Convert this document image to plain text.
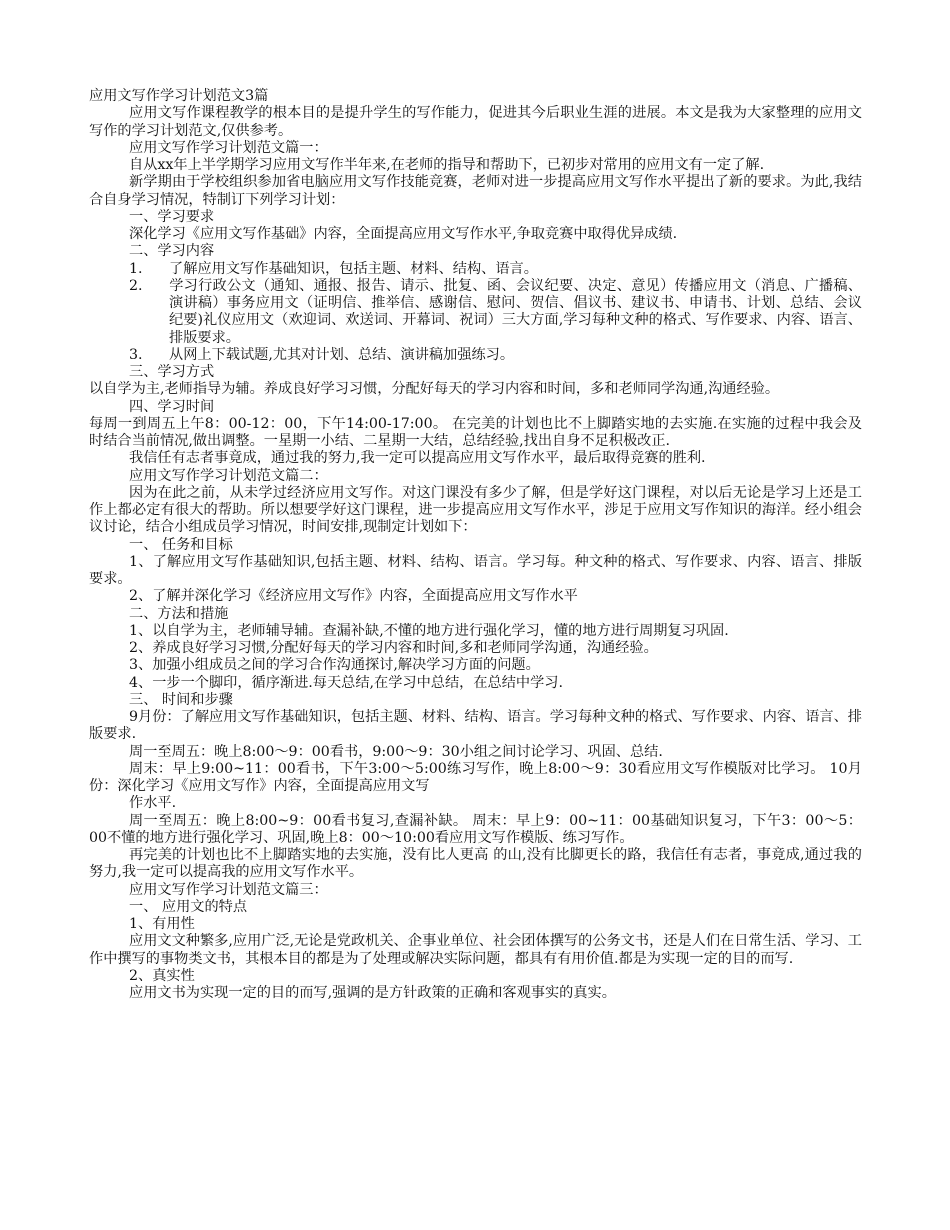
应用文写作学习计划范文3篇

应用文写作课程教学的根本目的是提升学生的写作能力，促进其今后职业生涯的进展。本文是我为大家整理的应用文写作的学习计划范文,仅供参考。

应用文写作学习计划范文篇一：

自从xx年上半学期学习应用文写作半年来,在老师的指导和帮助下，已初步对常用的应用文有一定了解.

新学期由于学校组织参加省电脑应用文写作技能竞赛，老师对进一步提高应用文写作水平提出了新的要求。为此,我结合自身学习情况，特制订下列学习计划：

一、学习要求

深化学习《应用文写作基础》内容，全面提高应用文写作水平,争取竞赛中取得优异成绩.

二、学习内容

1. 了解应用文写作基础知识，包括主题、材料、结构、语言。

2. 学习行政公文（通知、通报、报告、请示、批复、函、会议纪要、决定、意见）传播应用文（消息、广播稿、演讲稿）事务应用文（证明信、推举信、感谢信、慰问、贺信、倡议书、建议书、申请书、计划、总结、会议纪要)礼仪应用文（欢迎词、欢送词、开幕词、祝词）三大方面,学习每种文种的格式、写作要求、内容、语言、排版要求。

3. 从网上下载试题,尤其对计划、总结、演讲稿加强练习。

三、学习方式

以自学为主,老师指导为辅。养成良好学习习惯，分配好每天的学习内容和时间，多和老师同学沟通,沟通经验。

四、学习时间

每周一到周五上午8：00-12：00，下午14:00-17:00。 在完美的计划也比不上脚踏实地的去实施.在实施的过程中我会及时结合当前情况,做出调整。一星期一小结、二星期一大结，总结经验,找出自身不足积极改正.

我信任有志者事竟成，通过我的努力,我一定可以提高应用文写作水平，最后取得竞赛的胜利.

应用文写作学习计划范文篇二：

因为在此之前，从未学过经济应用文写作。对这门课没有多少了解，但是学好这门课程，对以后无论是学习上还是工作上都必定有很大的帮助。所以想要学好这门课程，进一步提高应用文写作水平，涉足于应用文写作知识的海洋。经小组会议讨论，结合小组成员学习情况，时间安排,现制定计划如下：

一、 任务和目标

1、了解应用文写作基础知识,包括主题、材料、结构、语言。学习每。种文种的格式、写作要求、内容、语言、排版要求。

2、了解并深化学习《经济应用文写作》内容，全面提高应用文写作水平

二、方法和措施

1、以自学为主，老师辅导辅。查漏补缺,不懂的地方进行强化学习，懂的地方进行周期复习巩固.

2、养成良好学习习惯,分配好每天的学习内容和时间,多和老师同学沟通，沟通经验。

3、加强小组成员之间的学习合作沟通探讨,解决学习方面的问题。

4、一步一个脚印，循序渐进.每天总结,在学习中总结，在总结中学习.

三、 时间和步骤

9月份：了解应用文写作基础知识，包括主题、材料、结构、语言。学习每种文种的格式、写作要求、内容、语言、排版要求.

周一至周五：晚上8:00～9：00看书，9:00～9：30小组之间讨论学习、巩固、总结.

周末：早上9:00~11：00看书，下午3:00～5:00练习写作，晚上8:00～9：30看应用文写作模版对比学习。 10月份：深化学习《应用文写作》内容，全面提高应用文写

作水平.

周一至周五：晚上8:00~9：00看书复习,查漏补缺。 周末：早上9：00~11：00基础知识复习，下午3：00～5：00不懂的地方进行强化学习、巩固,晚上8：00～10:00看应用文写作模版、练习写作。

再完美的计划也比不上脚踏实地的去实施，没有比人更高 的山,没有比脚更长的路，我信任有志者，事竟成,通过我的努力,我一定可以提高我的应用文写作水平。

应用文写作学习计划范文篇三：

一、 应用文的特点

1、有用性

应用文文种繁多,应用广泛,无论是党政机关、企事业单位、社会团体撰写的公务文书，还是人们在日常生活、学习、工作中撰写的事物类文书，其根本目的都是为了处理或解决实际问题，都具有有用价值.都是为实现一定的目的而写.

2、真实性

应用文书为实现一定的目的而写,强调的是方针政策的正确和客观事实的真实。
